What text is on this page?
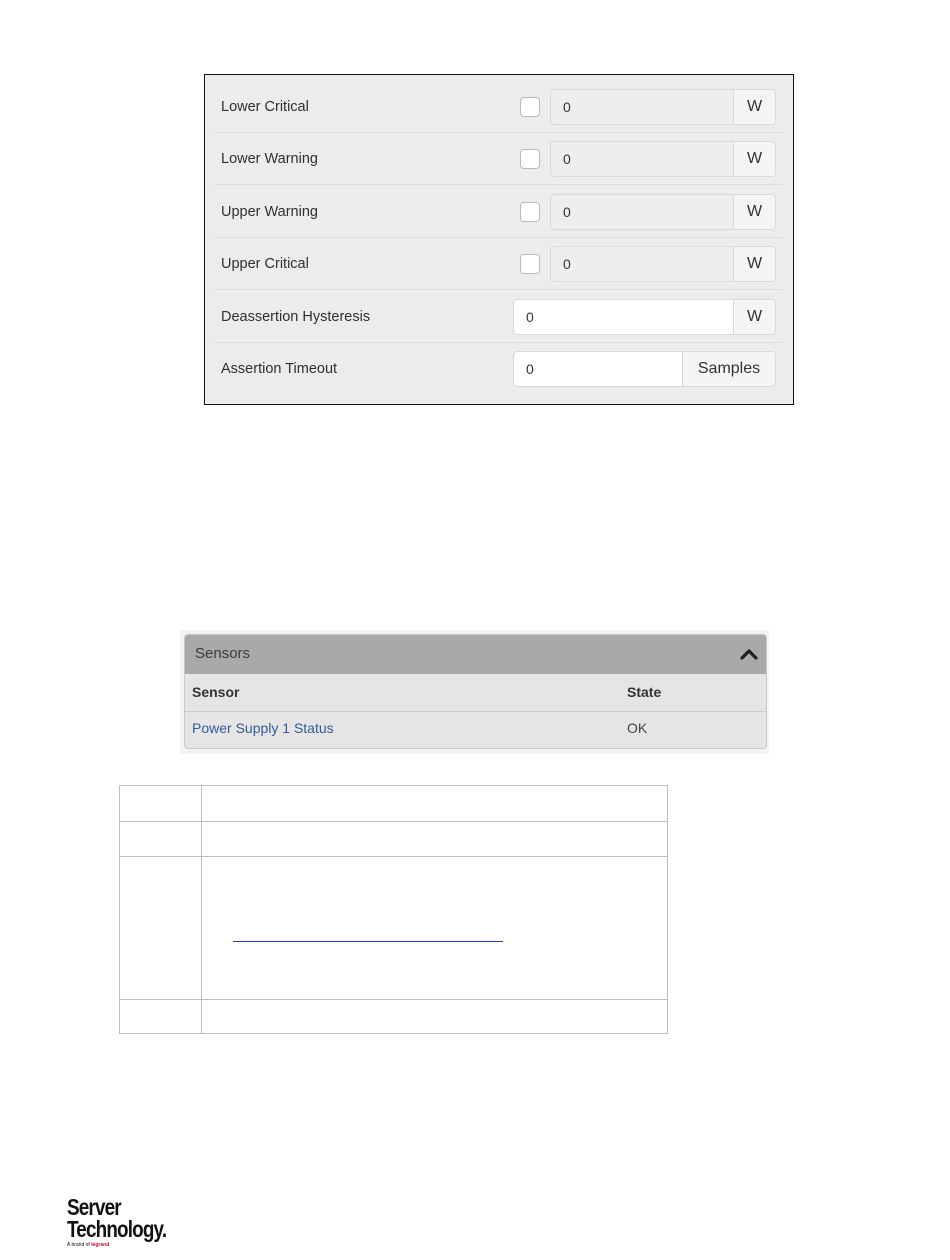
Lower Critical	0	W
Lower Warning	0	W
Upper Warning	0	W
Upper Critical	0	W
Deassertion Hysteresis	0	W
Assertion Timeout	0	Samples
Sensors
Sensor	State
Power Supply 1 Status	OK
Server
Technology.
A brand of legrand
